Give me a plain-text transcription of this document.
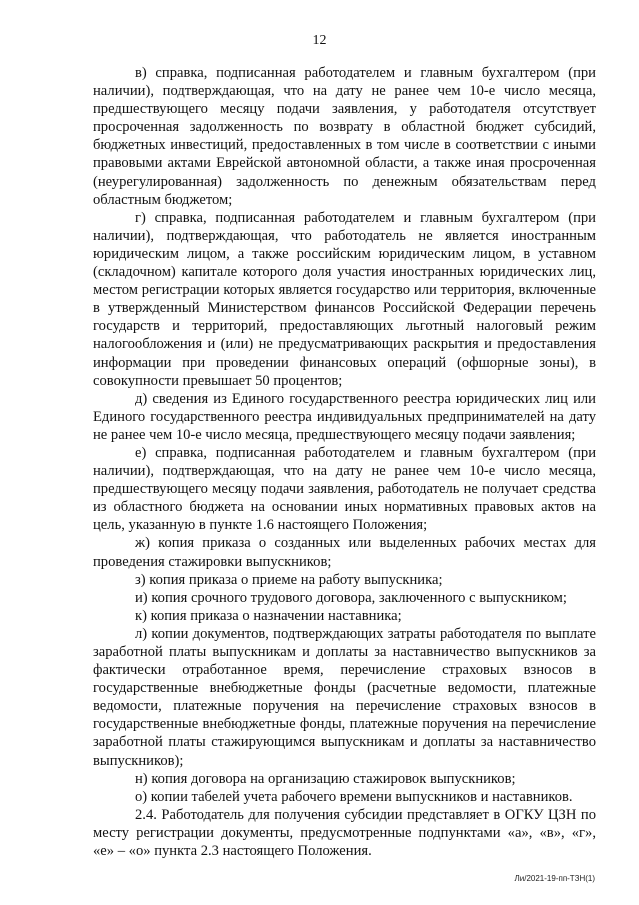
12

в) справка, подписанная работодателем и главным бухгалтером (при наличии), подтверждающая, что на дату не ранее чем 10-е число месяца, предшествующего месяцу подачи заявления, у работодателя отсутствует просроченная задолженность по возврату в областной бюджет субсидий, бюджетных инвестиций, предоставленных в том числе в соответствии с иными правовыми актами Еврейской автономной области, а также иная просроченная (неурегулированная) задолженность по денежным обязательствам перед областным бюджетом;

г) справка, подписанная работодателем и главным бухгалтером (при наличии), подтверждающая, что работодатель не является иностранным юридическим лицом, а также российским юридическим лицом, в уставном (складочном) капитале которого доля участия иностранных юридических лиц, местом регистрации которых является государство или территория, включенные в утвержденный Министерством финансов Российской Федерации перечень государств и территорий, предоставляющих льготный налоговый режим налогообложения и (или) не предусматривающих раскрытия и предоставления информации при проведении финансовых операций (офшорные зоны), в совокупности превышает 50 процентов;

д) сведения из Единого государственного реестра юридических лиц или Единого государственного реестра индивидуальных предпринимателей на дату не ранее чем 10-е число месяца, предшествующего месяцу подачи заявления;

е) справка, подписанная работодателем и главным бухгалтером (при наличии), подтверждающая, что на дату не ранее чем 10-е число месяца, предшествующего месяцу подачи заявления, работодатель не получает средства из областного бюджета на основании иных нормативных правовых актов на цель, указанную в пункте 1.6 настоящего Положения;

ж) копия приказа о созданных или выделенных рабочих местах для проведения стажировки выпускников;

з) копия приказа о приеме на работу выпускника;

и) копия срочного трудового договора, заключенного с выпускником;

к) копия приказа о назначении наставника;

л) копии документов, подтверждающих затраты работодателя по выплате заработной платы выпускникам и доплаты за наставничество выпускников за фактически отработанное время, перечисление страховых взносов в государственные внебюджетные фонды (расчетные ведомости, платежные ведомости, платежные поручения на перечисление страховых взносов в государственные внебюджетные фонды, платежные поручения на перечисление заработной платы стажирующимся выпускникам и доплаты за наставничество выпускников);

н) копия договора на организацию стажировок выпускников;

о) копии табелей учета рабочего времени выпускников и наставников.

2.4. Работодатель для получения субсидии представляет в ОГКУ ЦЗН по месту регистрации документы, предусмотренные подпунктами «а», «в», «г», «е» – «о» пункта 2.3 настоящего Положения.

Ли/2021-19-пп-ТЗН(1)
